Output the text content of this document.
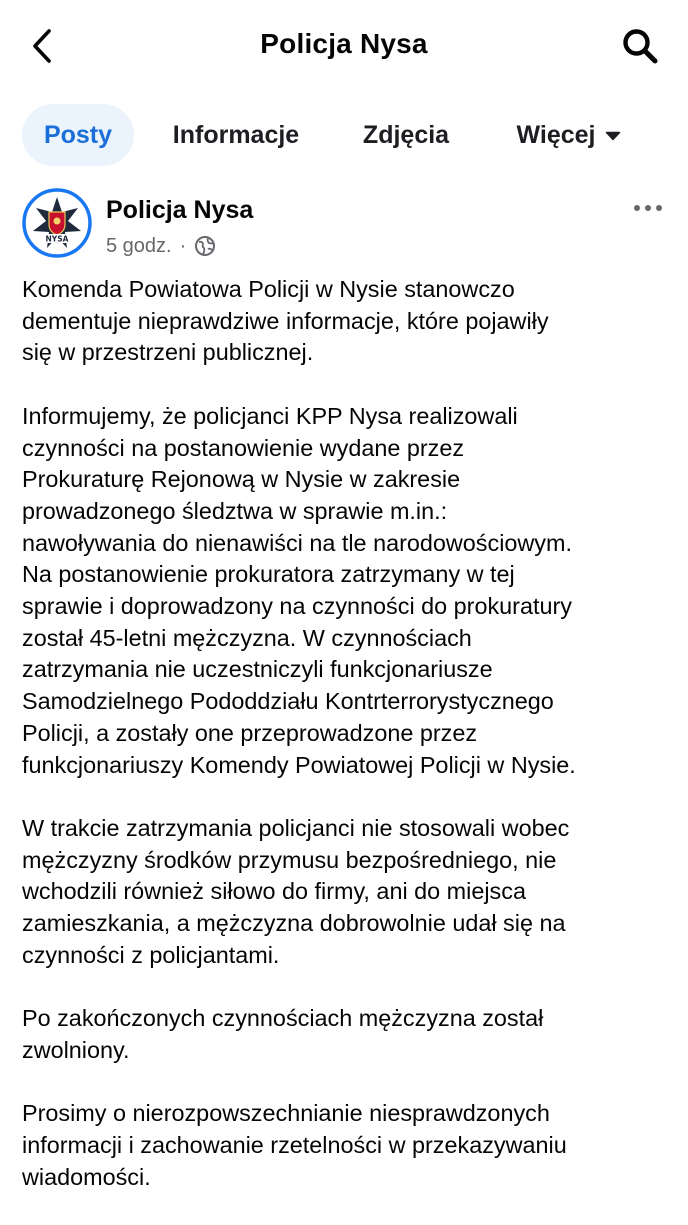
Policja Nysa
Posty	Informacje	Zdjęcia	Więcej
NYSA
Policja Nysa
5 godz. ·

Komenda Powiatowa Policji w Nysie stanowczo
dementuje nieprawdziwe informacje, które pojawiły
się w przestrzeni publicznej.

Informujemy, że policjanci KPP Nysa realizowali
czynności na postanowienie wydane przez
Prokuraturę Rejonową w Nysie w zakresie
prowadzonego śledztwa w sprawie m.in.:
nawoływania do nienawiści na tle narodowościowym.
Na postanowienie prokuratora zatrzymany w tej
sprawie i doprowadzony na czynności do prokuratury
został 45-letni mężczyzna. W czynnościach
zatrzymania nie uczestniczyli funkcjonariusze
Samodzielnego Pododdziału Kontrterrorystycznego
Policji, a zostały one przeprowadzone przez
funkcjonariuszy Komendy Powiatowej Policji w Nysie.

W trakcie zatrzymania policjanci nie stosowali wobec
mężczyzny środków przymusu bezpośredniego, nie
wchodzili również siłowo do firmy, ani do miejsca
zamieszkania, a mężczyzna dobrowolnie udał się na
czynności z policjantami.

Po zakończonych czynnościach mężczyzna został
zwolniony.

Prosimy o nierozpowszechnianie niesprawdzonych
informacji i zachowanie rzetelności w przekazywaniu
wiadomości.
